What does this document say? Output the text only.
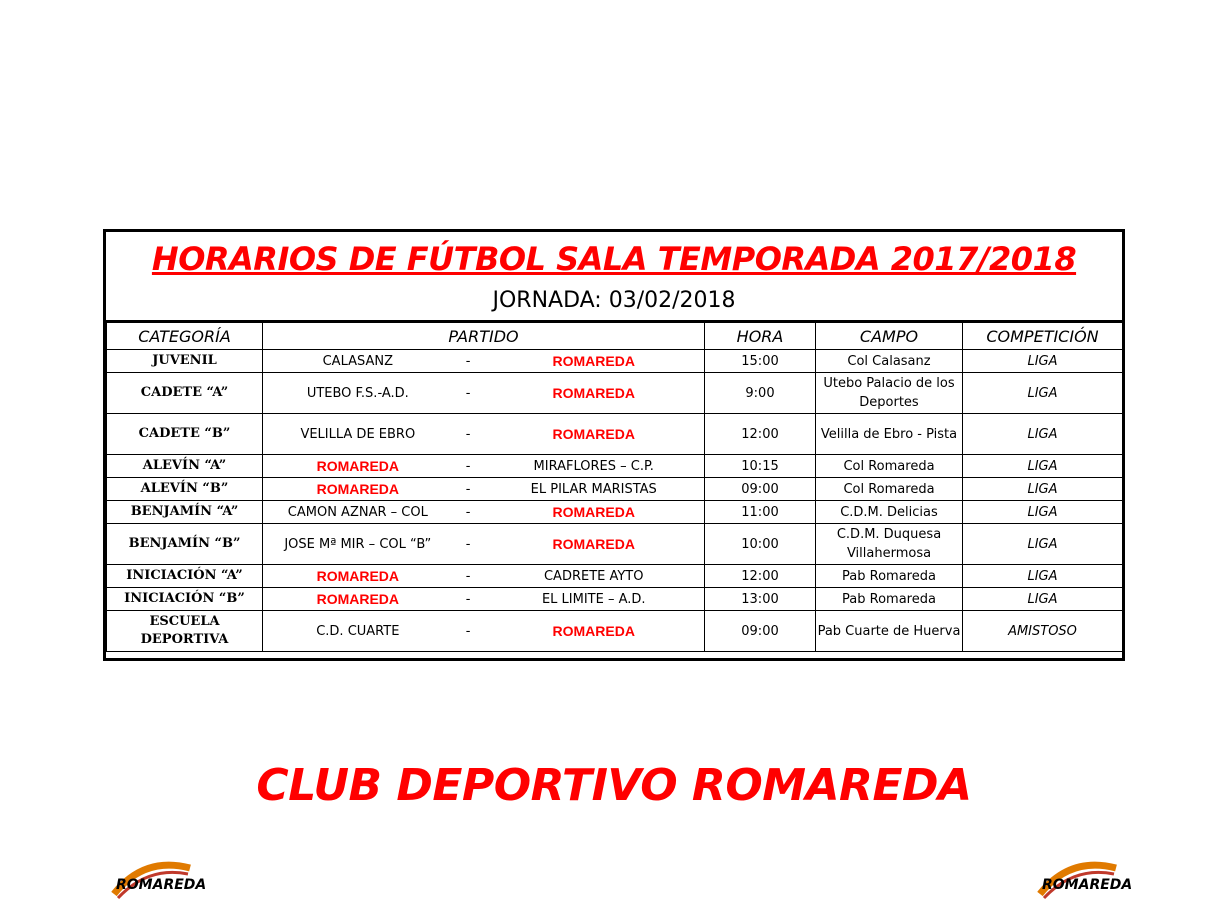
HORARIOS DE FÚTBOL SALA TEMPORADA 2017/2018
JORNADA: 03/02/2018
CATEGORÍA	PARTIDO	HORA	CAMPO	COMPETICIÓN
JUVENIL	CALASANZ - ROMAREDA	15:00	Col Calasanz	LIGA
CADETE “A”	UTEBO F.S.-A.D. - ROMAREDA	9:00	Utebo Palacio de los Deportes	LIGA
CADETE “B”	VELILLA DE EBRO - ROMAREDA	12:00	Velilla de Ebro - Pista	LIGA
ALEVÍN “A”	ROMAREDA - MIRAFLORES – C.P.	10:15	Col Romareda	LIGA
ALEVÍN “B”	ROMAREDA - EL PILAR MARISTAS	09:00	Col Romareda	LIGA
BENJAMÍN “A”	CAMON AZNAR – COL - ROMAREDA	11:00	C.D.M. Delicias	LIGA
BENJAMÍN “B”	JOSE Mª MIR – COL “B” - ROMAREDA	10:00	C.D.M. Duquesa Villahermosa	LIGA
INICIACIÓN “A”	ROMAREDA - CADRETE AYTO	12:00	Pab Romareda	LIGA
INICIACIÓN “B”	ROMAREDA - EL LIMITE – A.D.	13:00	Pab Romareda	LIGA
ESCUELA DEPORTIVA	C.D. CUARTE - ROMAREDA	09:00	Pab Cuarte de Huerva	AMISTOSO
CLUB DEPORTIVO ROMAREDA
ROMAREDA	ROMAREDA
